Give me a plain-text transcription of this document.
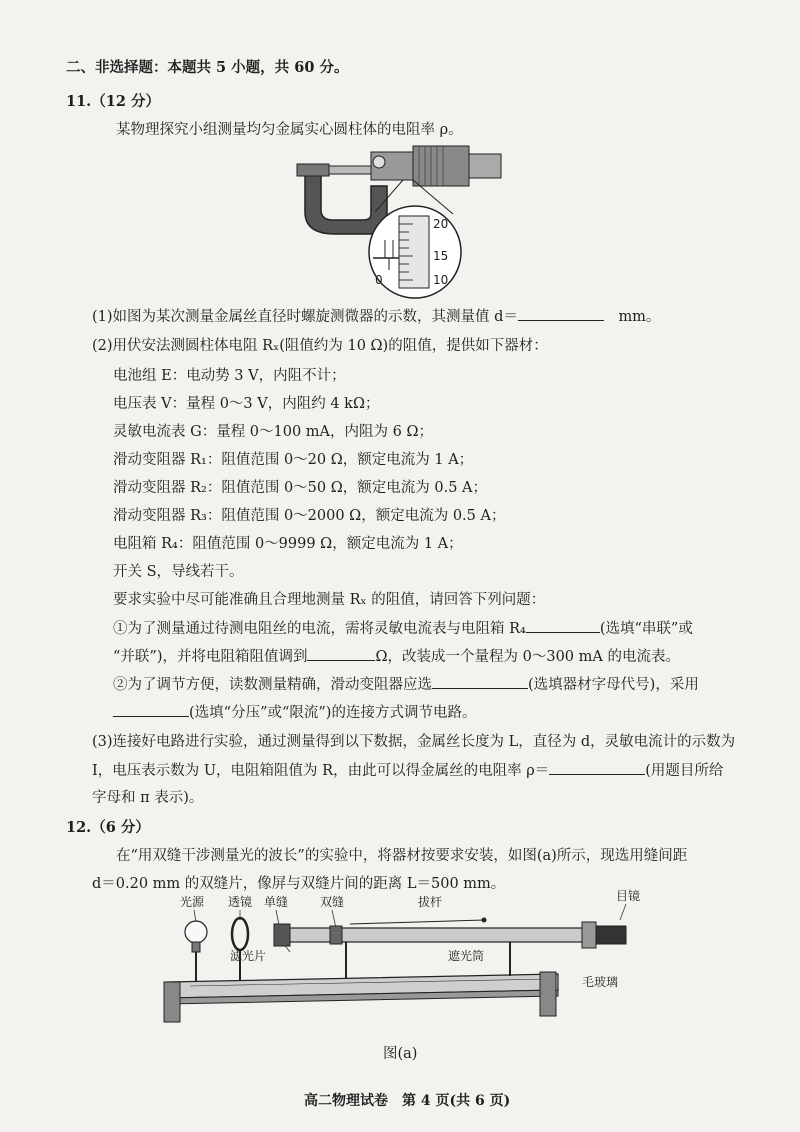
二、非选择题：本题共 5 小题，共 60 分。
11.（12 分）
某物理探究小组测量均匀金属实心圆柱体的电阻率 ρ。
20
15
10
0
(1)如图为某次测量金属丝直径时螺旋测微器的示数，其测量值 d＝　	mm。
(2)用伏安法测圆柱体电阻 Rₓ(阻值约为 10 Ω)的阻值，提供如下器材：
电池组 E：电动势 3 V，内阻不计；
电压表 V：量程 0～3 V，内阻约 4 kΩ；
灵敏电流表 G：量程 0～100 mA，内阻为 6 Ω；
滑动变阻器 R₁：阻值范围 0～20 Ω，额定电流为 1 A；
滑动变阻器 R₂：阻值范围 0～50 Ω，额定电流为 0.5 A；
滑动变阻器 R₃：阻值范围 0～2000 Ω，额定电流为 0.5 A；
电阻箱 R₄：阻值范围 0～9999 Ω，额定电流为 1 A；
开关 S，导线若干。
要求实验中尽可能准确且合理地测量 Rₓ 的阻值，请回答下列问题：
①为了测量通过待测电阻丝的电流，需将灵敏电流表与电阻箱 R₄	(选填“串联”或
“并联”)，并将电阻箱阻值调到	Ω，改装成一个量程为 0～300 mA 的电流表。
②为了调节方便，读数测量精确，滑动变阻器应选	(选填器材字母代号)，采用
(选填“分压”或“限流”)的连接方式调节电路。
(3)连接好电路进行实验，通过测量得到以下数据，金属丝长度为 L，直径为 d，灵敏电流计的示数为
I，电压表示数为 U，电阻箱阻值为 R，由此可以得金属丝的电阻率 ρ＝	(用题目所给
字母和 π 表示)。
12.（6 分）
在“用双缝干涉测量光的波长”的实验中，将器材按要求安装，如图(a)所示，现选用缝间距
d＝0.20 mm 的双缝片，像屏与双缝片间的距离 L＝500 mm。
光源 透镜 单缝	双缝	拔杆	目镜
滤光片	遮光筒
毛玻璃
图(a)
高二物理试卷　第 4 页(共 6 页)
